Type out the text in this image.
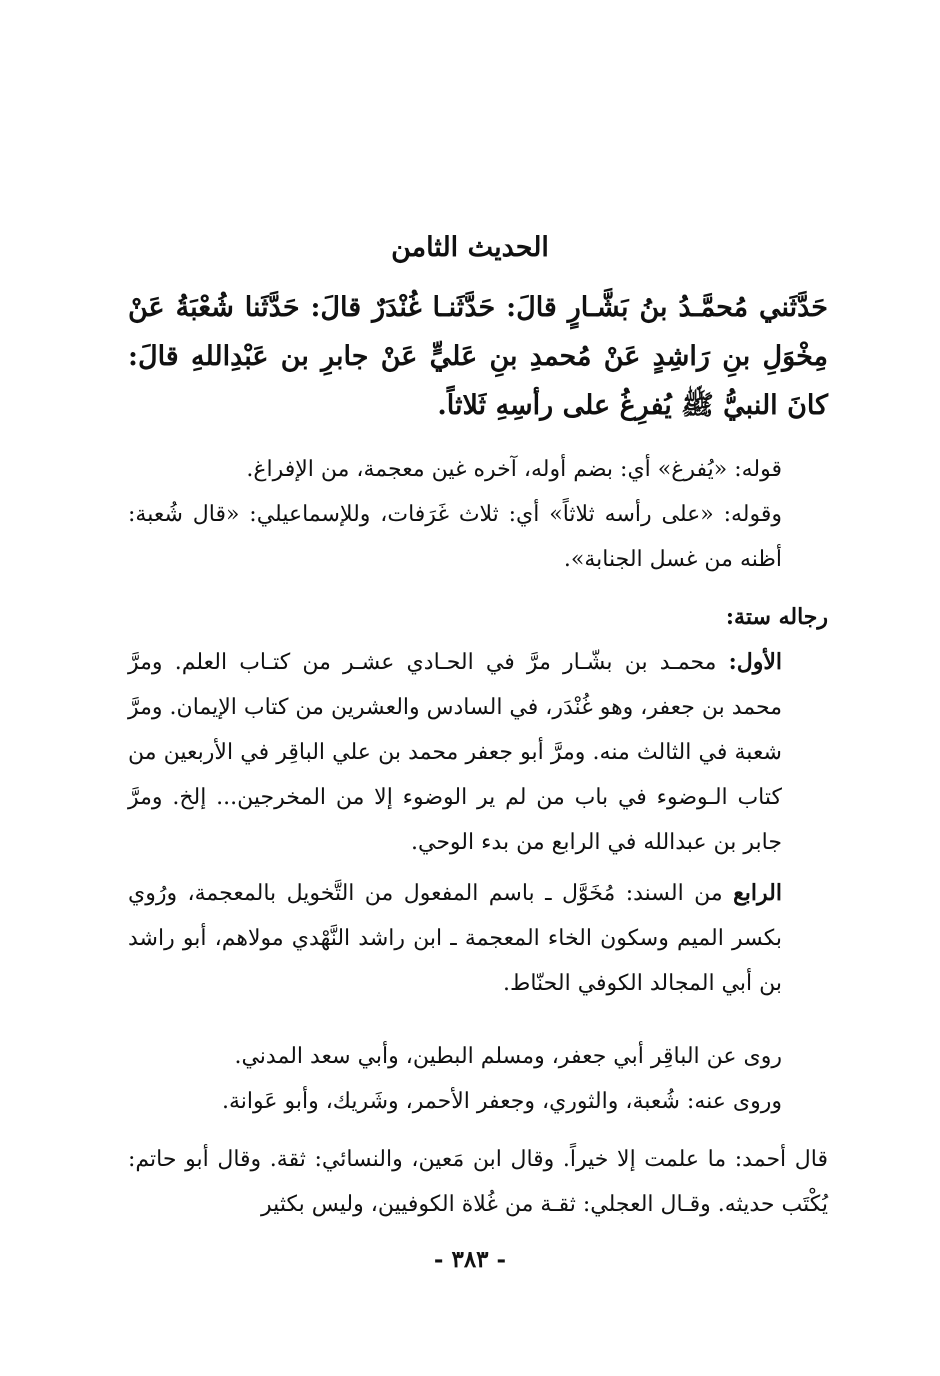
الحديث الثامن
حَدَّثَني مُحمَّـدُ بنُ بَشَّـارٍ قالَ: حَدَّثَنـا غُنْدَرٌ قالَ: حَدَّثَنا شُعْبَةُ عَنْ مِخْوَلِ بنِ رَاشِدٍ عَنْ مُحمدِ بنِ عَليٍّ عَنْ جابرِ بن عَبْدِاللهِ قالَ: كانَ النبيُّ ﷺ يُفرِغُ على رأسِهِ ثَلاثاً.

قوله: «يُفرغ» أي: بضم أوله، آخره غين معجمة، من الإفراغ.

وقوله: «على رأسه ثلاثاً» أي: ثلاث غَرَفات، وللإسماعيلي: «قال شُعبة: أظنه من غسل الجنابة».

رجاله ستة:

الأول: محمـد بن بشّـار مرَّ في الحـادي عشـر من كتـاب العلم. ومرَّ محمد بن جعفر، وهو غُنْدَر، في السادس والعشرين من كتاب الإيمان. ومرَّ شعبة في الثالث منه. ومرَّ أبو جعفر محمد بن علي الباقِر في الأربعين من كتاب الـوضوء في باب من لم ير الوضوء إلا من المخرجين... إلخ. ومرَّ جابر بن عبدالله في الرابع من بدء الوحي.

الرابع من السند: مُخَوَّل ـ باسم المفعول من التَّخويل بالمعجمة، ورُوي بكسر الميم وسكون الخاء المعجمة ـ ابن راشد النَّهْدي مولاهم، أبو راشد بن أبي المجالد الكوفي الحنّاط.

روى عن الباقِر أبي جعفر، ومسلم البطين، وأبي سعد المدني.

وروى عنه: شُعبة، والثوري، وجعفر الأحمر، وشَريك، وأبو عَوانة.

قال أحمد: ما علمت إلا خيراً. وقال ابن مَعين، والنسائي: ثقة. وقال أبو حاتم: يُكْتَب حديثه. وقـال العجلي: ثقـة من غُلاة الكوفيين، وليس بكثير

- ٣٨٣ -
